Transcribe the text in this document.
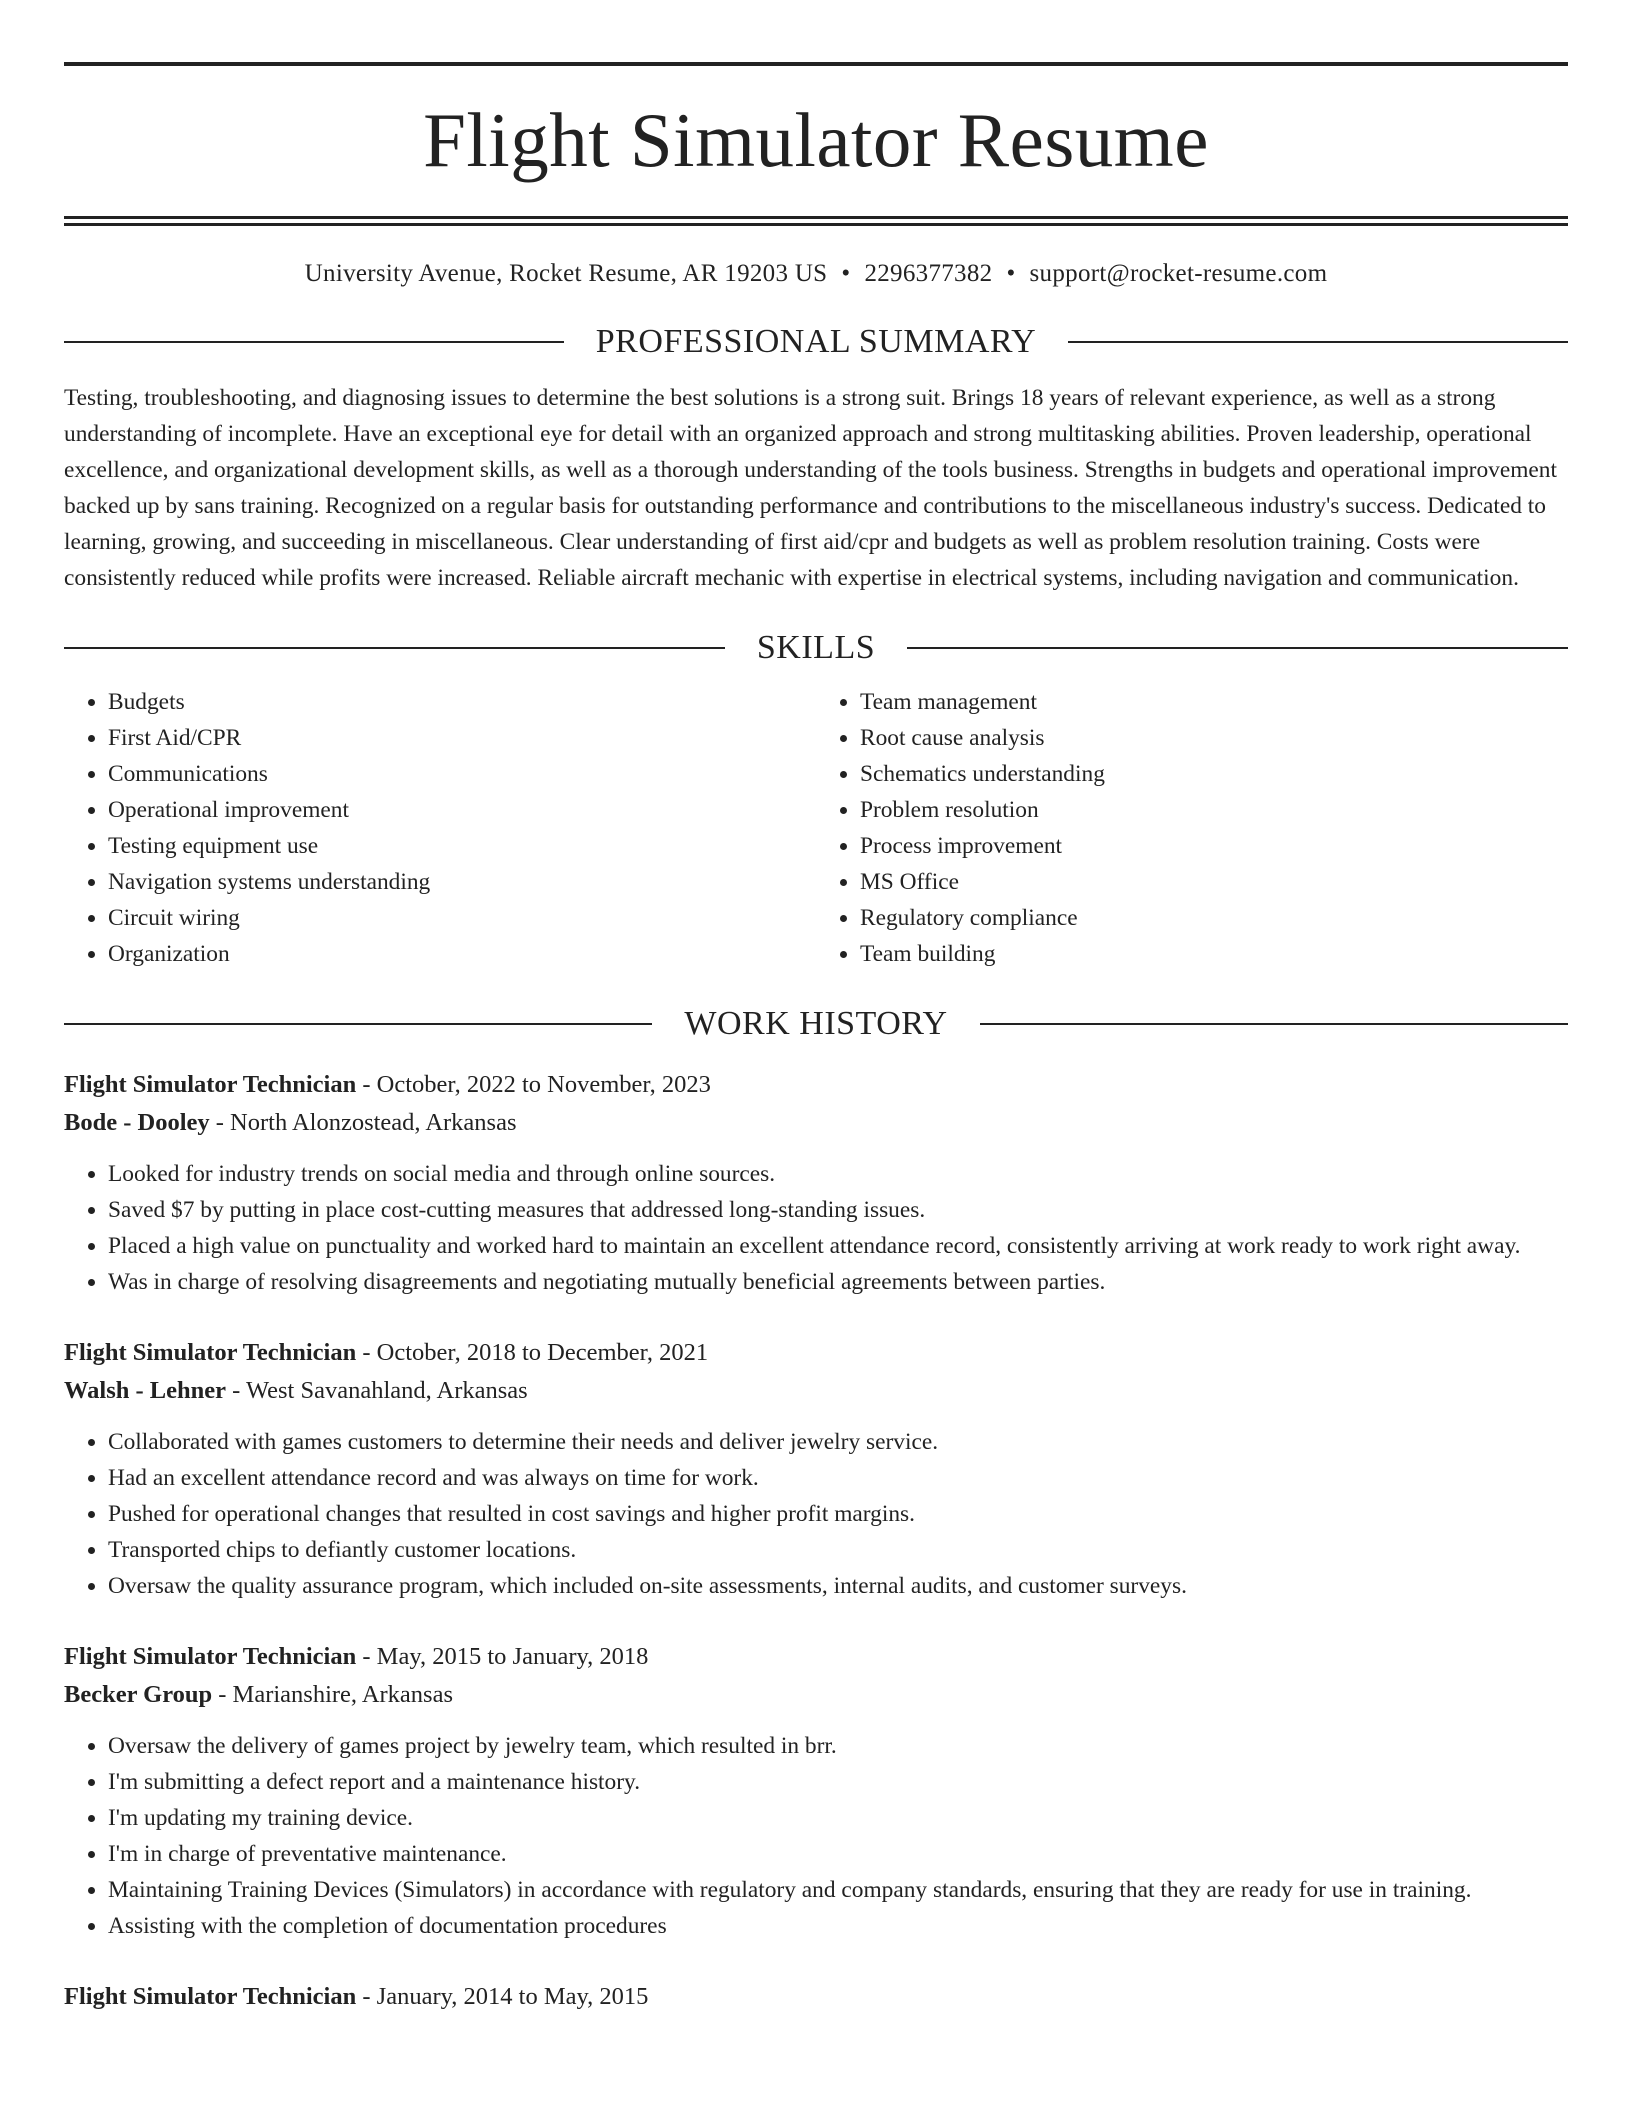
Flight Simulator Resume
University Avenue, Rocket Resume, AR 19203 US • 2296377382 • support@rocket-resume.com
PROFESSIONAL SUMMARY

Testing, troubleshooting, and diagnosing issues to determine the best solutions is a strong suit. Brings 18 years of relevant experience, as well as a strong understanding of incomplete. Have an exceptional eye for detail with an organized approach and strong multitasking abilities. Proven leadership, operational excellence, and organizational development skills, as well as a thorough understanding of the tools business. Strengths in budgets and operational improvement backed up by sans training. Recognized on a regular basis for outstanding performance and contributions to the miscellaneous industry's success. Dedicated to learning, growing, and succeeding in miscellaneous. Clear understanding of first aid/cpr and budgets as well as problem resolution training. Costs were consistently reduced while profits were increased. Reliable aircraft mechanic with expertise in electrical systems, including navigation and communication.

SKILLS
• Budgets
• First Aid/CPR
• Communications
• Operational improvement
• Testing equipment use
• Navigation systems understanding
• Circuit wiring
• Organization
• Team management
• Root cause analysis
• Schematics understanding
• Problem resolution
• Process improvement
• MS Office
• Regulatory compliance
• Team building
WORK HISTORY
Flight Simulator Technician - October, 2022 to November, 2023
Bode - Dooley - North Alonzostead, Arkansas
• Looked for industry trends on social media and through online sources.
• Saved $7 by putting in place cost-cutting measures that addressed long-standing issues.
• Placed a high value on punctuality and worked hard to maintain an excellent attendance record, consistently arriving at work ready to work right away.
• Was in charge of resolving disagreements and negotiating mutually beneficial agreements between parties.
Flight Simulator Technician - October, 2018 to December, 2021
Walsh - Lehner - West Savanahland, Arkansas
• Collaborated with games customers to determine their needs and deliver jewelry service.
• Had an excellent attendance record and was always on time for work.
• Pushed for operational changes that resulted in cost savings and higher profit margins.
• Transported chips to defiantly customer locations.
• Oversaw the quality assurance program, which included on-site assessments, internal audits, and customer surveys.
Flight Simulator Technician - May, 2015 to January, 2018
Becker Group - Marianshire, Arkansas
• Oversaw the delivery of games project by jewelry team, which resulted in brr.
• I'm submitting a defect report and a maintenance history.
• I'm updating my training device.
• I'm in charge of preventative maintenance.
• Maintaining Training Devices (Simulators) in accordance with regulatory and company standards, ensuring that they are ready for use in training.
• Assisting with the completion of documentation procedures
Flight Simulator Technician - January, 2014 to May, 2015
